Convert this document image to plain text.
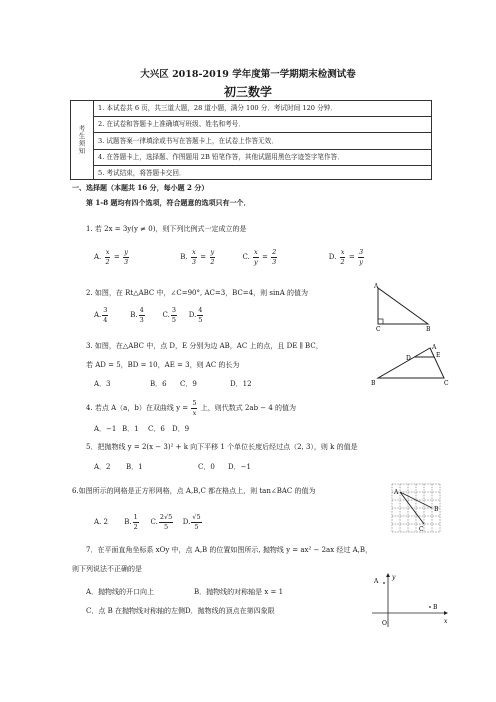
大兴区 2018-2019 学年度第一学期期末检测试卷
初三数学
考生须知
1. 本试卷共 6 页，共三道大题，28 道小题，满分 100 分．考试时间 120 分钟．
2. 在试卷和答题卡上准确填写班级、姓名和考号．
3. 试题答案一律填涂或书写在答题卡上，在试卷上作答无效．
4. 在答题卡上，选择题、作图题用 2B 铅笔作答，其他试题用黑色字迹签字笔作答．
5. 考试结束，将答题卡交回．
一、选择题（本题共 16 分，每小题 2 分）
第 1-8 题均有四个选项，符合题意的选项只有一个．
1. 若 2x = 3y(y ≠ 0)，则下列比例式一定成立的是
A. $\frac{x}{2} = \frac{y}{3}$	B. $\frac{x}{3} = \frac{y}{2}$	C. $\frac{x}{y} = \frac{2}{3}$	D. $\frac{x}{2} = \frac{3}{y}$
2. 如图，在 Rt△ABC 中，∠C=90°, AC=3，BC=4，则 sinA 的值为
A. $\frac{3}{4}$	B. $\frac{4}{3}$	C. $\frac{3}{5} D$. $\frac{4}{5}$
A
C	B
3. 如图，在△ABC 中，点 D，E 分别为边 AB，AC 上的点，且 DE ∥ BC，
若 AD = 5，BD = 10，AE = 3，则 AC 的长为
A．3	B．6 C．9	D．12
A
D	E
B	C
4. 若点 A（a，b）在双曲线 $y = \frac{5}{x}$ 上，则代数式 2ab − 4 的值为
A．−1 B．1 C．6 D．9
5．把抛物线 y = 2(x − 3)² + k 向下平移 1 个单位长度后经过点（2, 3），则 k 的值是
A．2 B．1	C．0 D．−1
6.如图所示的网格是正方形网格，点 A,B,C 都在格点上，则 tan∠BAC 的值为
A. 2 B. $\frac{1}{2} C$. $\frac{2√5}{5} D$. $\frac{√5}{5}$
A
B
C
7．在平面直角坐标系 xOy 中，点 A,B 的位置如图所示, 抛物线 y = ax² − 2ax 经过 A,B，
则下列说法不正确的是
A．抛物线的开口向上	B．抛物线的对称轴是 x = 1
C．点 B 在抛物线对称轴的左侧D．抛物线的顶点在第四象限
A
B
O	x
y
